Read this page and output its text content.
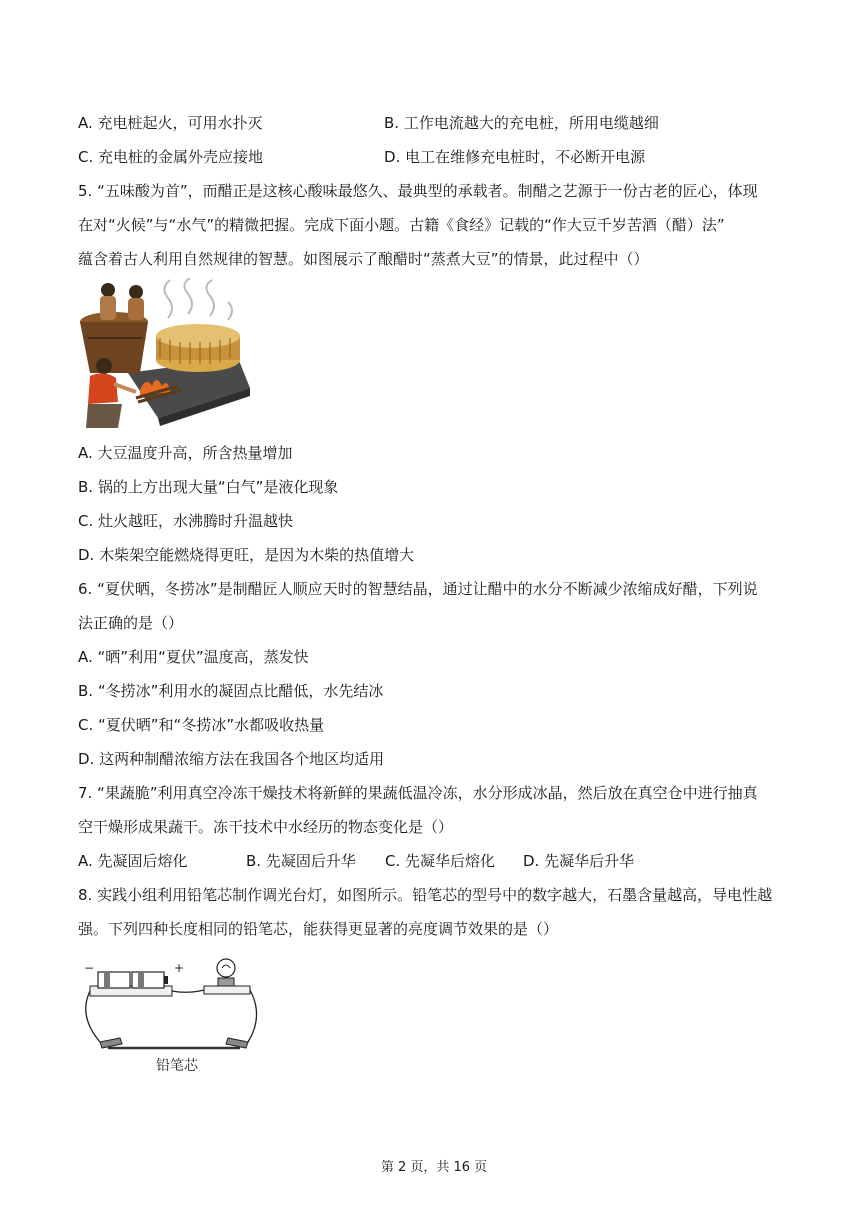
A. 充电桩起火，可用水扑灭	B. 工作电流越大的充电桩，所用电缆越细
C. 充电桩的金属外壳应接地	D. 电工在维修充电桩时，不必断开电源
5. “五味酸为首”，而醋正是这核心酸味最悠久、最典型的承载者。制醋之艺源于一份古老的匠心，体现
在对“火候”与“水气”的精微把握。完成下面小题。古籍《食经》记载的“作大豆千岁苦酒（醋）法”
蕴含着古人利用自然规律的智慧。如图展示了酿醋时“蒸煮大豆”的情景，此过程中（）
A. 大豆温度升高，所含热量增加
B. 锅的上方出现大量“白气”是液化现象
C. 灶火越旺，水沸腾时升温越快
D. 木柴架空能燃烧得更旺，是因为木柴的热值增大
6. “夏伏晒，冬捞冰”是制醋匠人顺应天时的智慧结晶，通过让醋中的水分不断减少浓缩成好醋，下列说
法正确的是（）
A. “晒”利用“夏伏”温度高，蒸发快
B. “冬捞冰”利用水的凝固点比醋低，水先结冰
C. “夏伏晒”和“冬捞冰”水都吸收热量
D. 这两种制醋浓缩方法在我国各个地区均适用
7. “果蔬脆”利用真空冷冻干燥技术将新鲜的果蔬低温冷冻，水分形成冰晶，然后放在真空仓中进行抽真
空干燥形成果蔬干。冻干技术中水经历的物态变化是（）
A. 先凝固后熔化	B. 先凝固后升华 C. 先凝华后熔化 D. 先凝华后升华
8. 实践小组利用铅笔芯制作调光台灯，如图所示。铅笔芯的型号中的数字越大，石墨含量越高，导电性越
强。下列四种长度相同的铅笔芯，能获得更显著的亮度调节效果的是（）
−	+
铅笔芯
第 2 页，共 16 页
